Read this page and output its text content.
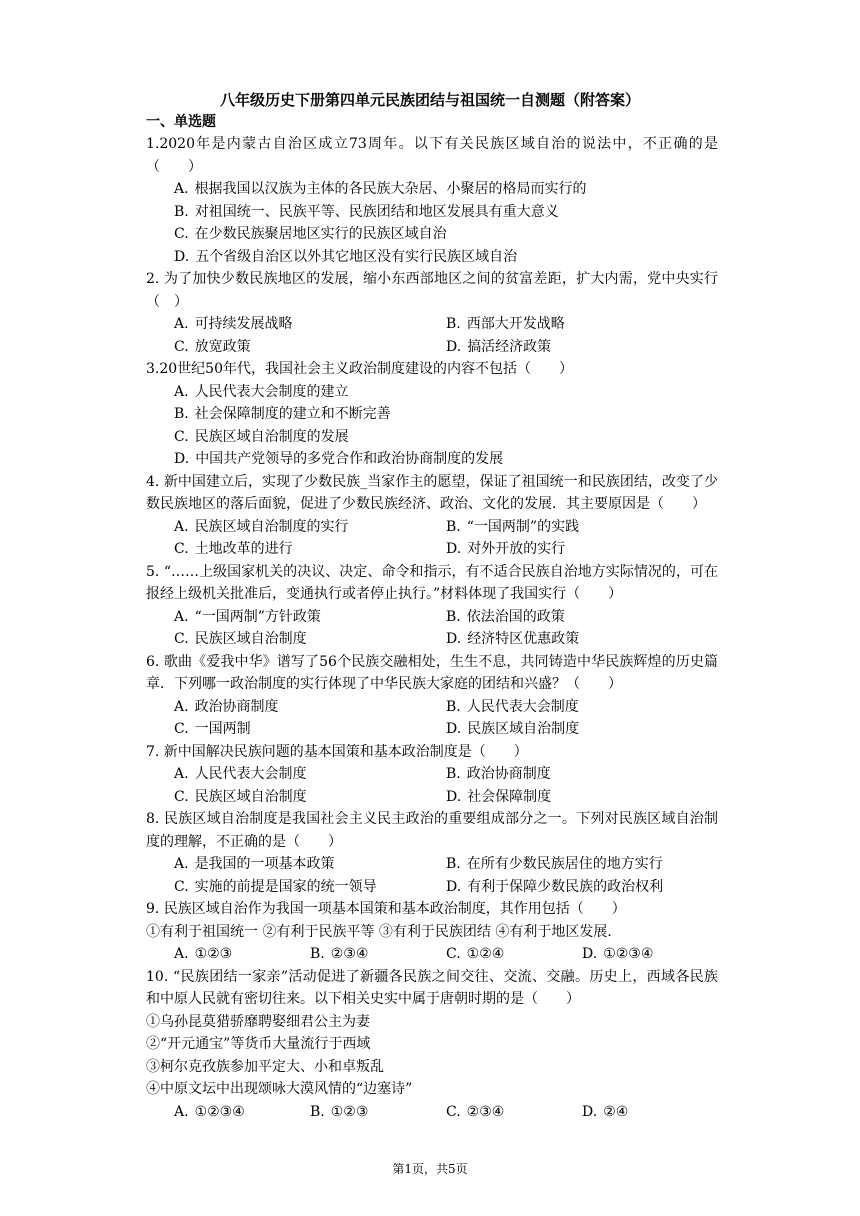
八年级历史下册第四单元民族团结与祖国统一自测题（附答案）
一、单选题

1.2020年是内蒙古自治区成立73周年。以下有关民族区域自治的说法中，不正确的是（　　）

A. 根据我国以汉族为主体的各民族大杂居、小聚居的格局而实行的
B. 对祖国统一、民族平等、民族团结和地区发展具有重大意义
C. 在少数民族聚居地区实行的民族区域自治
D. 五个省级自治区以外其它地区没有实行民族区域自治

2. 为了加快少数民族地区的发展，缩小东西部地区之间的贫富差距，扩大内需，党中央实行（　）

A. 可持续发展战略	B. 西部大开发战略
C. 放宽政策	D. 搞活经济政策

3.20世纪50年代，我国社会主义政治制度建设的内容不包括（　　）

A. 人民代表大会制度的建立
B. 社会保障制度的建立和不断完善
C. 民族区域自治制度的发展
D. 中国共产党领导的多党合作和政治协商制度的发展

4. 新中国建立后，实现了少数民族_当家作主的愿望，保证了祖国统一和民族团结，改变了少数民族地区的落后面貌，促进了少数民族经济、政治、文化的发展．其主要原因是（　　）

A. 民族区域自治制度的实行	B. “一国两制”的实践
C. 土地改革的进行	D. 对外开放的实行

5. “……上级国家机关的决议、决定、命令和指示，有不适合民族自治地方实际情况的，可在报经上级机关批准后，变通执行或者停止执行。”材料体现了我国实行（　　）

A. “一国两制”方针政策	B. 依法治国的政策
C. 民族区域自治制度	D. 经济特区优惠政策

6. 歌曲《爱我中华》谱写了56个民族交融相处，生生不息，共同铸造中华民族辉煌的历史篇章．下列哪一政治制度的实行体现了中华民族大家庭的团结和兴盛？（　　）

A. 政治协商制度	B. 人民代表大会制度
C. 一国两制	D. 民族区域自治制度

7. 新中国解决民族问题的基本国策和基本政治制度是（　　）

A. 人民代表大会制度	B. 政治协商制度
C. 民族区域自治制度	D. 社会保障制度

8. 民族区域自治制度是我国社会主义民主政治的重要组成部分之一。下列对民族区域自治制度的理解，不正确的是（　　）

A. 是我国的一项基本政策	B. 在所有少数民族居住的地方实行
C. 实施的前提是国家的统一领导	D. 有利于保障少数民族的政治权利

9. 民族区域自治作为我国一项基本国策和基本政治制度，其作用包括（　　）

①有利于祖国统一 ②有利于民族平等 ③有利于民族团结 ④有利于地区发展．

A. ①②③	B. ②③④	C. ①②④	D. ①②③④

10. “民族团结一家亲”活动促进了新疆各民族之间交往、交流、交融。历史上，西域各民族和中原人民就有密切往来。以下相关史实中属于唐朝时期的是（　　）

①乌孙昆莫猎骄靡聘娶细君公主为妻

②“开元通宝”等货币大量流行于西域

③柯尔克孜族参加平定大、小和卓叛乱

④中原文坛中出现颂咏大漠风情的“边塞诗”

A. ①②③④	B. ①②③	C. ②③④	D. ②④
第1页，共5页
